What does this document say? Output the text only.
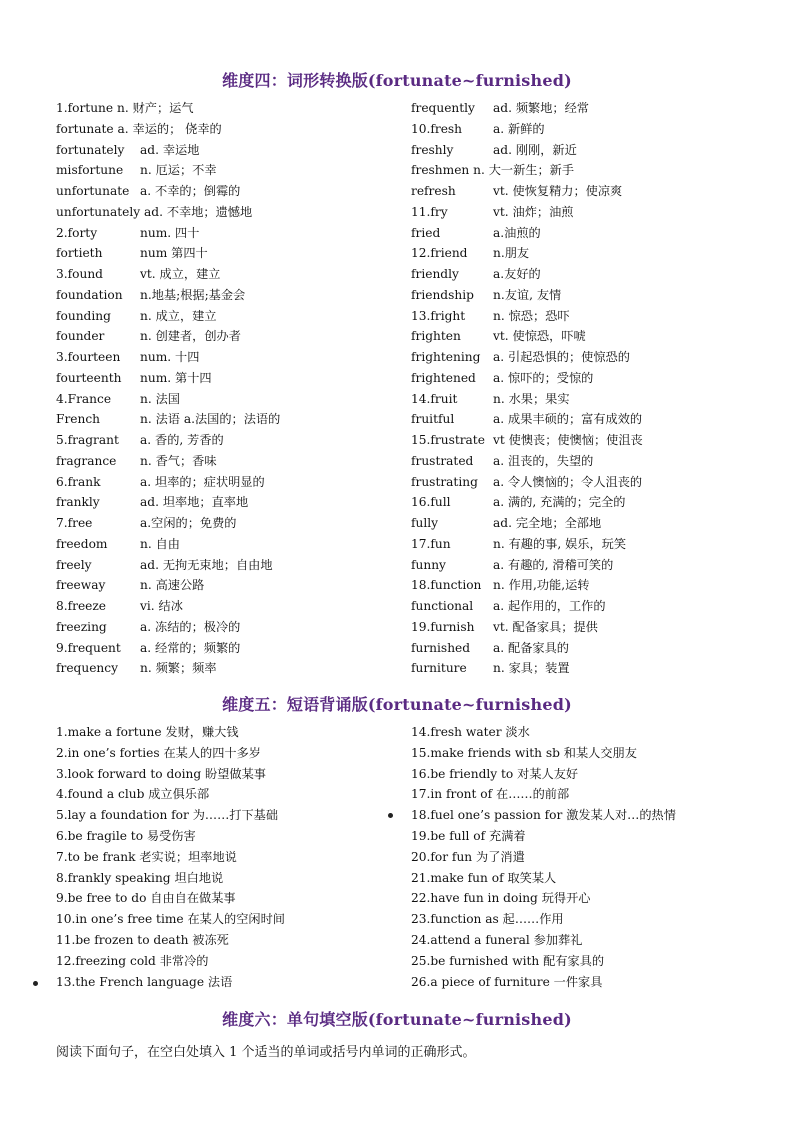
维度四：词形转换版(fortunate~furnished)
1.fortune n. 财产；运气
fortunate a. 幸运的； 侥幸的
fortunately ad. 幸运地
misfortune n. 厄运；不幸
unfortunate a. 不幸的；倒霉的
unfortunately ad. 不幸地；遗憾地
2.forty	num. 四十
fortieth	num 第四十
3.found	vt. 成立，建立
foundation n.地基;根据;基金会
founding n. 成立，建立
founder	n. 创建者，创办者
3.fourteen num. 十四
fourteenth num. 第十四
4.France n. 法国
French	n. 法语 a.法国的；法语的
5.fragrant a. 香的, 芳香的
fragrance n. 香气；香味
6.frank	a. 坦率的；症状明显的
frankly	ad. 坦率地；直率地
7.free	a.空闲的；免费的
freedom	n. 自由
freely	ad. 无拘无束地；自由地
freeway	n. 高速公路
8.freeze	vi. 结冰
freezing	a. 冻结的；极冷的
9.frequent a. 经常的；频繁的
frequency n. 频繁；频率
frequently ad. 频繁地；经常
10.fresh	a. 新鲜的
freshly	ad. 刚刚，新近
freshmen n. 大一新生；新手
refresh	vt. 使恢复精力；使凉爽
11.fry	vt. 油炸；油煎
fried	a.油煎的
12.friend n.朋友
friendly	a.友好的
friendship n.友谊, 友情
13.fright n. 惊恐；恐吓
frighten	vt. 使惊恐，吓唬
frightening a. 引起恐惧的；使惊恐的
frightened a. 惊吓的；受惊的
14.fruit	n. 水果；果实
fruitful	a. 成果丰硕的；富有成效的
15.frustrate vt 使懊丧；使懊恼；使沮丧
frustrated a. 沮丧的，失望的
frustrating a. 令人懊恼的；令人沮丧的
16.full	a. 满的, 充满的；完全的
fully	ad. 完全地；全部地
17.fun	n. 有趣的事, 娱乐，玩笑
funny	a. 有趣的, 滑稽可笑的
18.function n. 作用,功能,运转
functional a. 起作用的，工作的
19.furnish vt. 配备家具；提供
furnished a. 配备家具的
furniture n. 家具；装置
维度五：短语背诵版(fortunate~furnished)
1.make a fortune 发财，赚大钱
2.in one’s forties 在某人的四十多岁
3.look forward to doing 盼望做某事
4.found a club 成立俱乐部
5.lay a foundation for 为……打下基础
6.be fragile to 易受伤害
7.to be frank 老实说；坦率地说
8.frankly speaking 坦白地说
9.be free to do 自由自在做某事
10.in one’s free time 在某人的空闲时间
11.be frozen to death 被冻死
12.freezing cold 非常冷的
13.the French language 法语
14.fresh water 淡水
15.make friends with sb 和某人交朋友
16.be friendly to 对某人友好
17.in front of 在……的前部
18.fuel one’s passion for 激发某人对…的热情
19.be full of 充满着
20.for fun 为了消遣
21.make fun of 取笑某人
22.have fun in doing 玩得开心
23.function as 起……作用
24.attend a funeral 参加葬礼
25.be furnished with 配有家具的
26.a piece of furniture 一件家具
维度六：单句填空版(fortunate~furnished)
阅读下面句子，在空白处填入 1 个适当的单词或括号内单词的正确形式。
